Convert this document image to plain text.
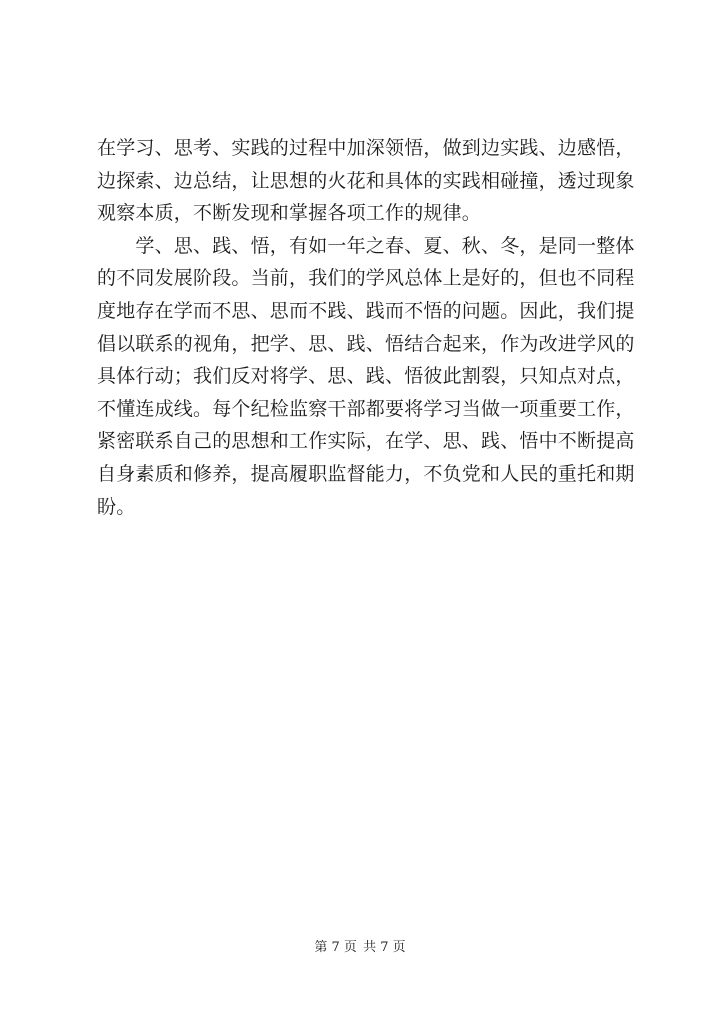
在学习、思考、实践的过程中加深领悟，做到边实践、边感悟，
边探索、边总结，让思想的火花和具体的实践相碰撞，透过现象
观察本质，不断发现和掌握各项工作的规律。
　　学、思、践、悟，有如一年之春、夏、秋、冬，是同一整体
的不同发展阶段。当前，我们的学风总体上是好的，但也不同程
度地存在学而不思、思而不践、践而不悟的问题。因此，我们提
倡以联系的视角，把学、思、践、悟结合起来，作为改进学风的
具体行动；我们反对将学、思、践、悟彼此割裂，只知点对点，
不懂连成线。每个纪检监察干部都要将学习当做一项重要工作，
紧密联系自己的思想和工作实际，在学、思、践、悟中不断提高
自身素质和修养，提高履职监督能力，不负党和人民的重托和期
盼。
第 7 页 共 7 页
